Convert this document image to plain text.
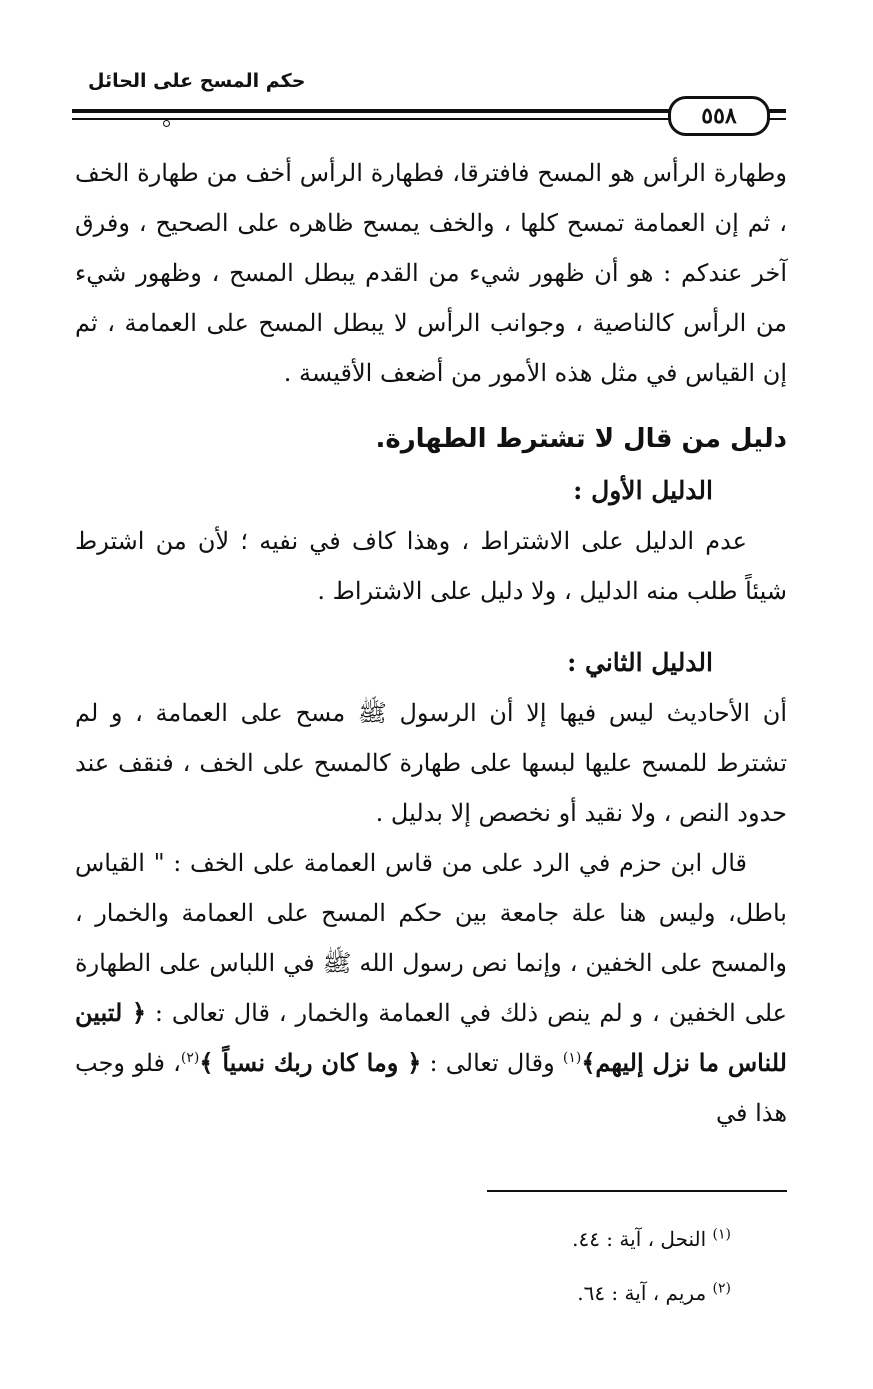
حكم المسح على الحائل
٥٥٨

وطهارة الرأس هو المسح فافترقا، فطهارة الرأس أخف من طهارة الخف ، ثم إن العمامة تمسح كلها ، والخف يمسح ظاهره على الصحيح ، وفرق آخر عندكم : هو أن ظهور شيء من القدم يبطل المسح ، وظهور شيء من الرأس كالناصية ، وجوانب الرأس لا يبطل المسح على العمامة ، ثم إن القياس في مثل هذه الأمور من أضعف الأقيسة .

دليل من قال لا تشترط الطهارة.

الدليل الأول :

عدم الدليل على الاشتراط ، وهذا كاف في نفيه ؛ لأن من اشترط شيئاً طلب منه الدليل ، ولا دليل على الاشتراط .

الدليل الثاني :

أن الأحاديث ليس فيها إلا أن الرسول ﷺ مسح على العمامة ، و لم تشترط للمسح عليها لبسها على طهارة كالمسح على الخف ، فنقف عند حدود النص ، ولا نقيد أو نخصص إلا بدليل .

قال ابن حزم في الرد على من قاس العمامة على الخف : " القياس باطل، وليس هنا علة جامعة بين حكم المسح على العمامة والخمار ، والمسح على الخفين ، وإنما نص رسول الله ﷺ في اللباس على الطهارة على الخفين ، و لم ينص ذلك في العمامة والخمار ، قال تعالى : ﴿ لتبين للناس ما نزل إليهم﴾$^{(١)}$ وقال تعالى : ﴿ وما كان ربك نسياً ﴾$^{(٢)}$، فلو وجب هذا في

$^{(١)}$ النحل ، آية : ٤٤.

$^{(٢)}$ مريم ، آية : ٦٤.
